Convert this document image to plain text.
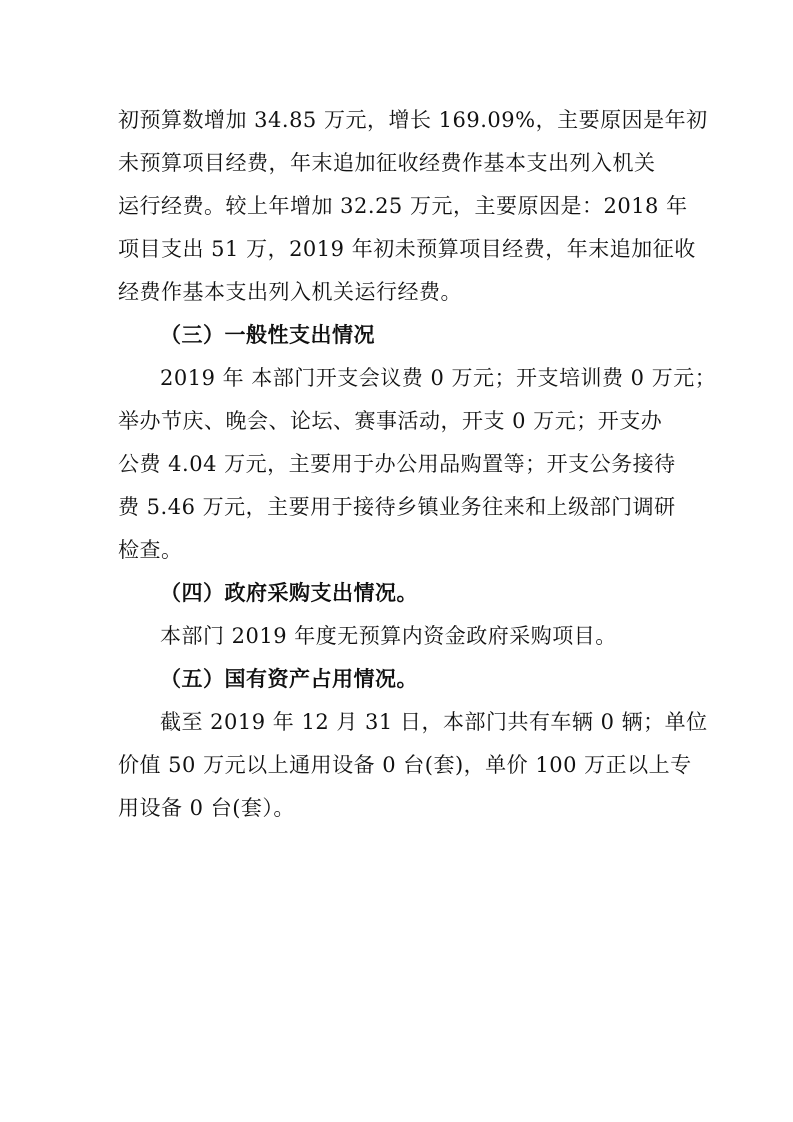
初预算数增加 34.85 万元，增长 169.09%，主要原因是年初
未预算项目经费，年末追加征收经费作基本支出列入机关
运行经费。较上年增加 32.25 万元，主要原因是：2018 年
项目支出 51 万，2019 年初未预算项目经费，年末追加征收
经费作基本支出列入机关运行经费。
（三）一般性支出情况
2019 年 本部门开支会议费 0 万元；开支培训费 0 万元；
举办节庆、晚会、论坛、赛事活动，开支 0 万元；开支办
公费 4.04 万元，主要用于办公用品购置等；开支公务接待
费 5.46 万元，主要用于接待乡镇业务往来和上级部门调研
检查。
（四）政府采购支出情况。
本部门 2019 年度无预算内资金政府采购项目。
（五）国有资产占用情况。
截至 2019 年 12 月 31 日，本部门共有车辆 0 辆；单位
价值 50 万元以上通用设备 0 台(套)，单价 100 万正以上专
用设备 0 台(套）。
